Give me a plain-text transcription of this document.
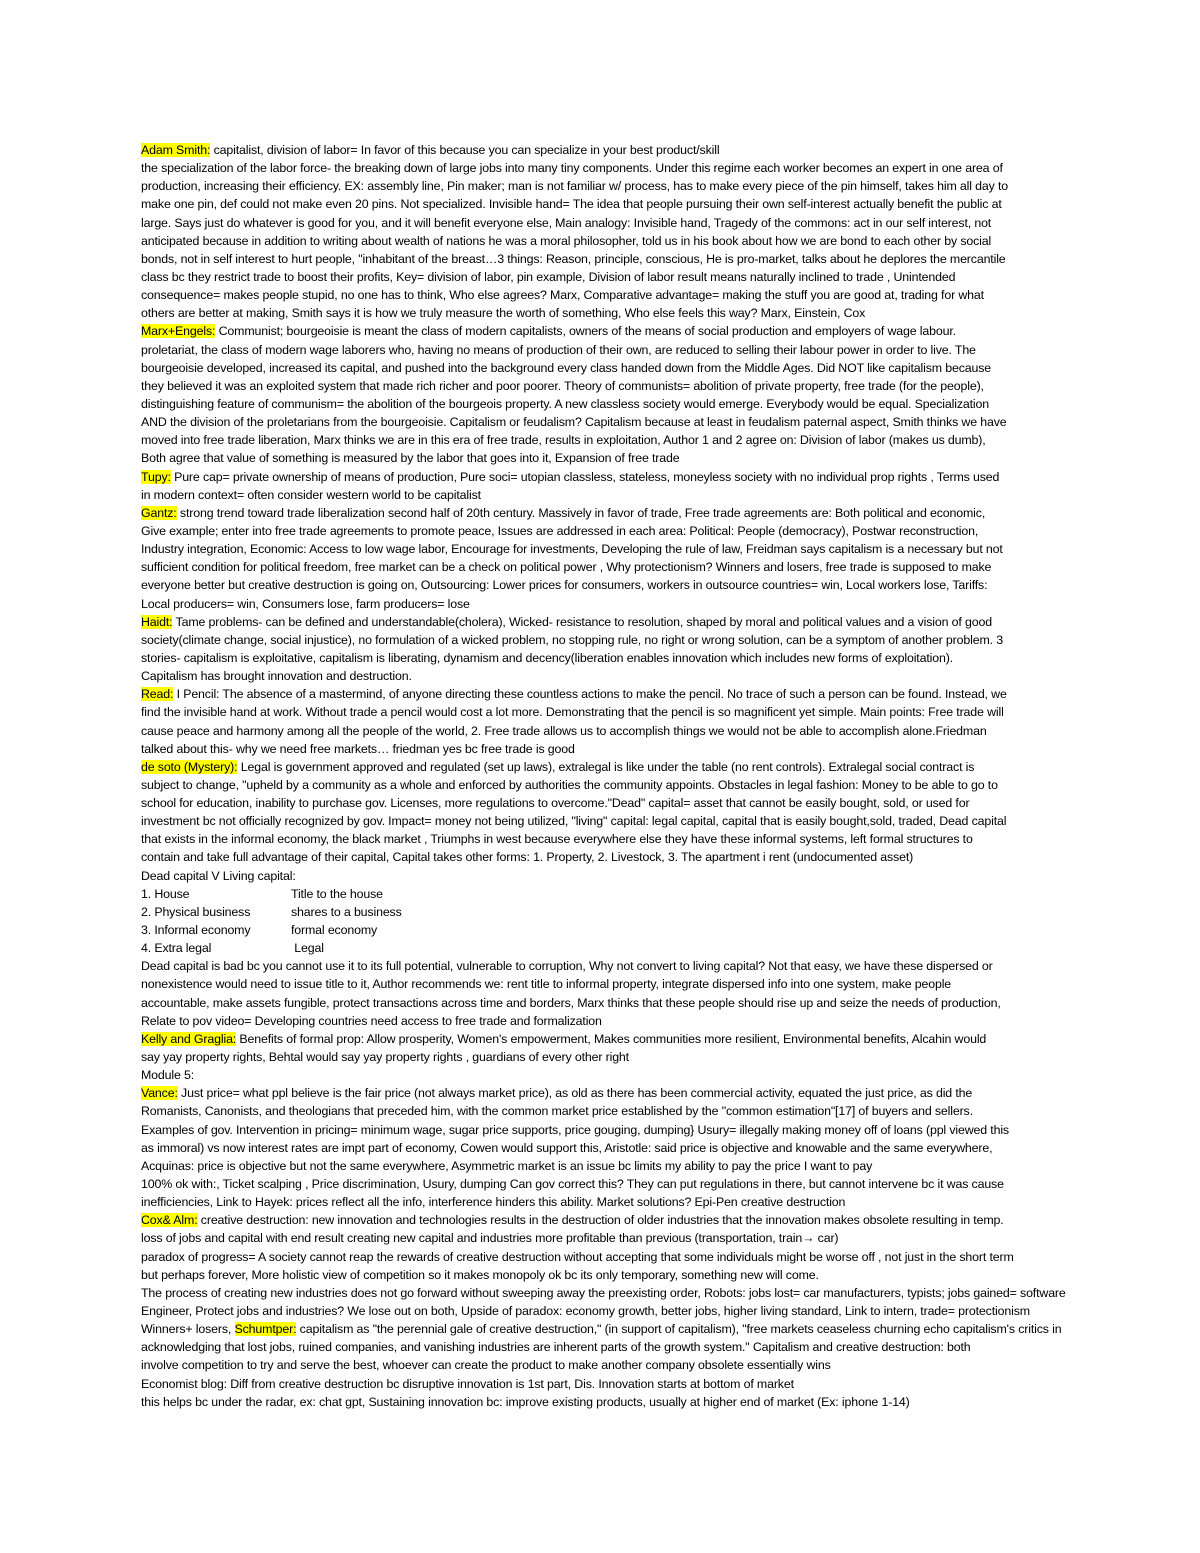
Adam Smith: capitalist, division of labor= In favor of this because you can specialize in your best product/skill
the specialization of the labor force- the breaking down of large jobs into many tiny components. Under this regime each worker becomes an expert in one area of
production, increasing their efficiency. EX: assembly line, Pin maker; man is not familiar w/ process, has to make every piece of the pin himself, takes him all day to
make one pin, def could not make even 20 pins. Not specialized. Invisible hand= The idea that people pursuing their own self-interest actually benefit the public at
large. Says just do whatever is good for you, and it will benefit everyone else, Main analogy: Invisible hand, Tragedy of the commons: act in our self interest, not
anticipated because in addition to writing about wealth of nations he was a moral philosopher, told us in his book about how we are bond to each other by social
bonds, not in self interest to hurt people, "inhabitant of the breast…3 things: Reason, principle, conscious, He is pro-market, talks about he deplores the mercantile
class bc they restrict trade to boost their profits, Key= division of labor, pin example, Division of labor result means naturally inclined to trade , Unintended
consequence= makes people stupid, no one has to think, Who else agrees? Marx, Comparative advantage= making the stuff you are good at, trading for what
others are better at making, Smith says it is how we truly measure the worth of something, Who else feels this way? Marx, Einstein, Cox
Marx+Engels: Communist; bourgeoisie is meant the class of modern capitalists, owners of the means of social production and employers of wage labour.
proletariat, the class of modern wage laborers who, having no means of production of their own, are reduced to selling their labour power in order to live. The
bourgeoisie developed, increased its capital, and pushed into the background every class handed down from the Middle Ages. Did NOT like capitalism because
they believed it was an exploited system that made rich richer and poor poorer. Theory of communists= abolition of private property, free trade (for the people),
distinguishing feature of communism= the abolition of the bourgeois property. A new classless society would emerge. Everybody would be equal. Specialization
AND the division of the proletarians from the bourgeoisie. Capitalism or feudalism? Capitalism because at least in feudalism paternal aspect, Smith thinks we have
moved into free trade liberation, Marx thinks we are in this era of free trade, results in exploitation, Author 1 and 2 agree on: Division of labor (makes us dumb),
Both agree that value of something is measured by the labor that goes into it, Expansion of free trade
Tupy: Pure cap= private ownership of means of production, Pure soci= utopian classless, stateless, moneyless society with no individual prop rights , Terms used
in modern context= often consider western world to be capitalist
Gantz: strong trend toward trade liberalization second half of 20th century. Massively in favor of trade, Free trade agreements are: Both political and economic,
Give example; enter into free trade agreements to promote peace, Issues are addressed in each area: Political: People (democracy), Postwar reconstruction,
Industry integration, Economic: Access to low wage labor, Encourage for investments, Developing the rule of law, Freidman says capitalism is a necessary but not
sufficient condition for political freedom, free market can be a check on political power , Why protectionism? Winners and losers, free trade is supposed to make
everyone better but creative destruction is going on, Outsourcing: Lower prices for consumers, workers in outsource countries= win, Local workers lose, Tariffs:
Local producers= win, Consumers lose, farm producers= lose
Haidt: Tame problems- can be defined and understandable(cholera), Wicked- resistance to resolution, shaped by moral and political values and a vision of good
society(climate change, social injustice), no formulation of a wicked problem, no stopping rule, no right or wrong solution, can be a symptom of another problem. 3
stories- capitalism is exploitative, capitalism is liberating, dynamism and decency(liberation enables innovation which includes new forms of exploitation).
Capitalism has brought innovation and destruction.
Read: I Pencil: The absence of a mastermind, of anyone directing these countless actions to make the pencil. No trace of such a person can be found. Instead, we
find the invisible hand at work. Without trade a pencil would cost a lot more. Demonstrating that the pencil is so magnificent yet simple. Main points: Free trade will
cause peace and harmony among all the people of the world, 2. Free trade allows us to accomplish things we would not be able to accomplish alone.Friedman
talked about this- why we need free markets… friedman yes bc free trade is good
de soto (Mystery): Legal is government approved and regulated (set up laws), extralegal is like under the table (no rent controls). Extralegal social contract is
subject to change, "upheld by a community as a whole and enforced by authorities the community appoints. Obstacles in legal fashion: Money to be able to go to
school for education, inability to purchase gov. Licenses, more regulations to overcome."Dead" capital= asset that cannot be easily bought, sold, or used for
investment bc not officially recognized by gov. Impact= money not being utilized, "living" capital: legal capital, capital that is easily bought,sold, traded, Dead capital
that exists in the informal economy, the black market , Triumphs in west because everywhere else they have these informal systems, left formal structures to
contain and take full advantage of their capital, Capital takes other forms: 1. Property, 2. Livestock, 3. The apartment i rent (undocumented asset)
Dead capital V Living capital:
1. House	Title to the house
2. Physical business	shares to a business
3. Informal economy	formal economy
4. Extra legal	Legal
Dead capital is bad bc you cannot use it to its full potential, vulnerable to corruption, Why not convert to living capital? Not that easy, we have these dispersed or
nonexistence would need to issue title to it, Author recommends we: rent title to informal property, integrate dispersed info into one system, make people
accountable, make assets fungible, protect transactions across time and borders, Marx thinks that these people should rise up and seize the needs of production,
Relate to pov video= Developing countries need access to free trade and formalization
Kelly and Graglia: Benefits of formal prop: Allow prosperity, Women's empowerment, Makes communities more resilient, Environmental benefits, Alcahin would
say yay property rights, Behtal would say yay property rights , guardians of every other right
Module 5:
Vance: Just price= what ppl believe is the fair price (not always market price), as old as there has been commercial activity, equated the just price, as did the
Romanists, Canonists, and theologians that preceded him, with the common market price established by the "common estimation"[17] of buyers and sellers.
Examples of gov. Intervention in pricing= minimum wage, sugar price supports, price gouging, dumping} Usury= illegally making money off of loans (ppl viewed this
as immoral) vs now interest rates are impt part of economy, Cowen would support this, Aristotle: said price is objective and knowable and the same everywhere,
Acquinas: price is objective but not the same everywhere, Asymmetric market is an issue bc limits my ability to pay the price I want to pay
100% ok with:, Ticket scalping , Price discrimination, Usury, dumping Can gov correct this? They can put regulations in there, but cannot intervene bc it was cause
inefficiencies, Link to Hayek: prices reflect all the info, interference hinders this ability. Market solutions? Epi-Pen creative destruction
Cox& Alm: creative destruction: new innovation and technologies results in the destruction of older industries that the innovation makes obsolete resulting in temp.
loss of jobs and capital with end result creating new capital and industries more profitable than previous (transportation, train→ car)
paradox of progress= A society cannot reap the rewards of creative destruction without accepting that some individuals might be worse off , not just in the short term
but perhaps forever, More holistic view of competition so it makes monopoly ok bc its only temporary, something new will come.
The process of creating new industries does not go forward without sweeping away the preexisting order, Robots: jobs lost= car manufacturers, typists; jobs gained= software
Engineer, Protect jobs and industries? We lose out on both, Upside of paradox: economy growth, better jobs, higher living standard, Link to intern, trade= protectionism
Winners+ losers, Schumtper: capitalism as "the perennial gale of creative destruction," (in support of capitalism), "free markets ceaseless churning echo capitalism's critics in
acknowledging that lost jobs, ruined companies, and vanishing industries are inherent parts of the growth system." Capitalism and creative destruction: both
involve competition to try and serve the best, whoever can create the product to make another company obsolete essentially wins
Economist blog: Diff from creative destruction bc disruptive innovation is 1st part, Dis. Innovation starts at bottom of market
this helps bc under the radar, ex: chat gpt, Sustaining innovation bc: improve existing products, usually at higher end of market (Ex: iphone 1-14)
